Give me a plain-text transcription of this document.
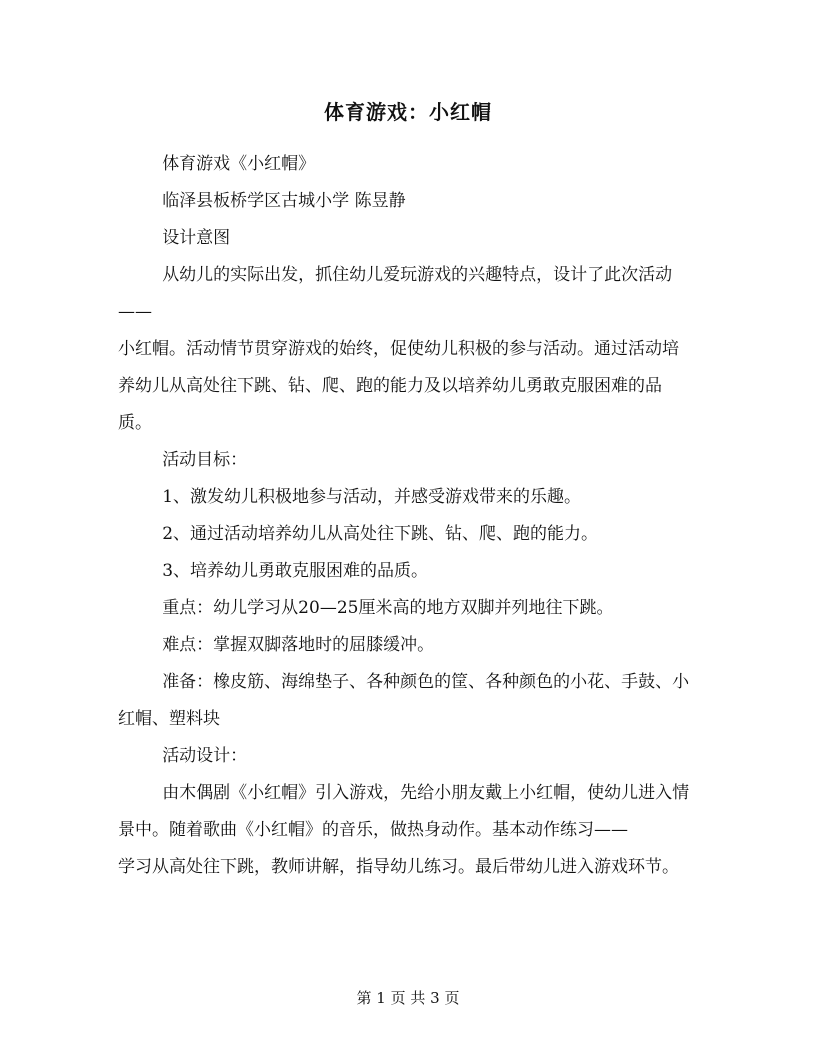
体育游戏：小红帽

体育游戏《小红帽》

临泽县板桥学区古城小学 陈昱静

设计意图

从幼儿的实际出发，抓住幼儿爱玩游戏的兴趣特点，设计了此次活动——

小红帽。活动情节贯穿游戏的始终，促使幼儿积极的参与活动。通过活动培养幼儿从高处往下跳、钻、爬、跑的能力及以培养幼儿勇敢克服困难的品质。

活动目标：

1、激发幼儿积极地参与活动，并感受游戏带来的乐趣。

2、通过活动培养幼儿从高处往下跳、钻、爬、跑的能力。

3、培养幼儿勇敢克服困难的品质。

重点：幼儿学习从20—25厘米高的地方双脚并列地往下跳。

难点：掌握双脚落地时的屈膝缓冲。

准备：橡皮筋、海绵垫子、各种颜色的筐、各种颜色的小花、手鼓、小红帽、塑料块

活动设计：

由木偶剧《小红帽》引入游戏，先给小朋友戴上小红帽，使幼儿进入情景中。随着歌曲《小红帽》的音乐，做热身动作。基本动作练习——

学习从高处往下跳，教师讲解，指导幼儿练习。最后带幼儿进入游戏环节。

第 1 页 共 3 页
